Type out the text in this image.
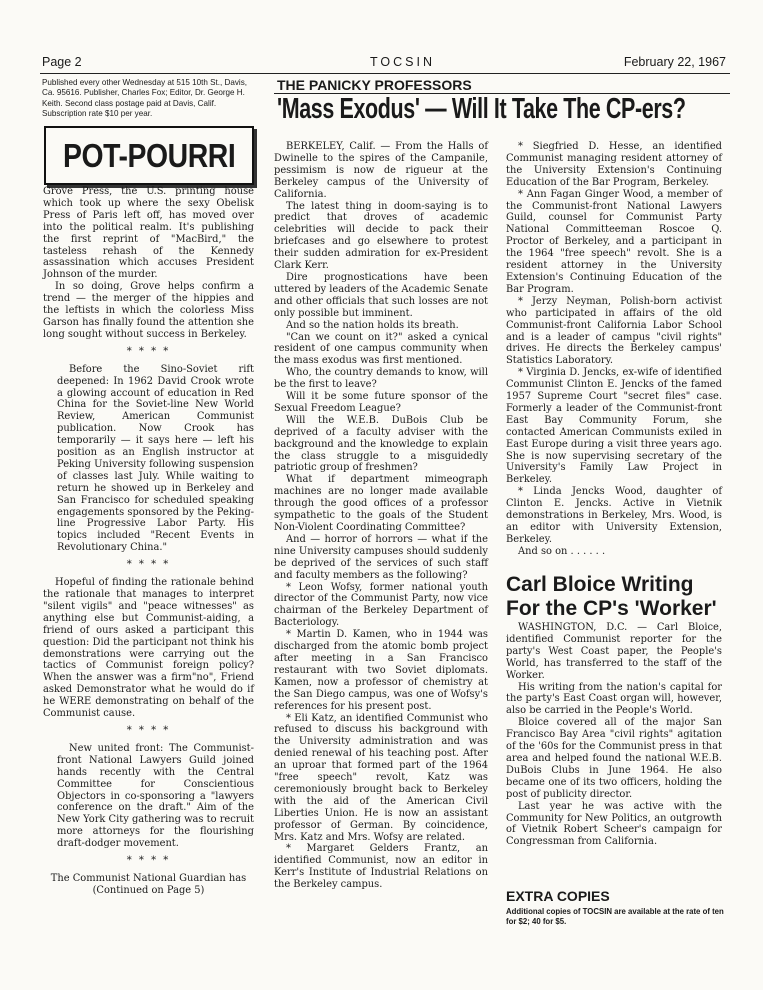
Page 2	TOCSIN	February 22, 1967
Published every other Wednesday at 515 10th St., Davis, Ca. 95616. Publisher, Charles Fox; Editor, Dr. George H. Keith. Second class postage paid at Davis, Calif. Subscription rate $10 per year.
POT-POURRI

Grove Press, the U.S. printing house which took up where the sexy Obelisk Press of Paris left off, has moved over into the political realm. It's publishing the first reprint of "MacBird," the tasteless rehash of the Kennedy assassination which accuses President Johnson of the murder.

In so doing, Grove helps confirm a trend — the merger of the hippies and the leftists in which the colorless Miss Garson has finally found the attention she long sought without success in Berkeley.

* * * *

Before the Sino-Soviet rift deepened: In 1962 David Crook wrote a glowing account of education in Red China for the Soviet-line New World Review, American Communist publication. Now Crook has temporarily — it says here — left his position as an English instructor at Peking University following suspension of classes last July. While waiting to return he showed up in Berkeley and San Francisco for scheduled speaking engagements sponsored by the Peking-line Progressive Labor Party. His topics included "Recent Events in Revolutionary China."

* * * *

Hopeful of finding the rationale behind the rationale that manages to interpret "silent vigils" and "peace witnesses" as anything else but Communist-aiding, a friend of ours asked a participant this question: Did the participant not think his demonstrations were carrying out the tactics of Communist foreign policy? When the answer was a firm"no", Friend asked Demonstrator what he would do if he WERE demonstrating on behalf of the Communist cause.

* * * *

New united front: The Communist-front National Lawyers Guild joined hands recently with the Central Committee for Conscientious Objectors in co-sponsoring a "lawyers conference on the draft." Aim of the New York City gathering was to recruit more attorneys for the flourishing draft-dodger movement.

* * * *

The Communist National Guardian has (Continued on Page 5)

THE PANICKY PROFESSORS
'Mass Exodus' — Will It Take The CP-ers?

BERKELEY, Calif. — From the Halls of Dwinelle to the spires of the Campanile, pessimism is now de rigueur at the Berkeley campus of the University of California.

The latest thing in doom-saying is to predict that droves of academic celebrities will decide to pack their briefcases and go elsewhere to protest their sudden admiration for ex-President Clark Kerr.

Dire prognostications have been uttered by leaders of the Academic Senate and other officials that such losses are not only possible but imminent.

And so the nation holds its breath.

"Can we count on it?" asked a cynical resident of one campus community when the mass exodus was first mentioned.

Who, the country demands to know, will be the first to leave?

Will it be some future sponsor of the Sexual Freedom League?

Will the W.E.B. DuBois Club be deprived of a faculty adviser with the background and the knowledge to explain the class struggle to a misguidedly patriotic group of freshmen?

What if department mimeograph machines are no longer made available through the good offices of a professor sympathetic to the goals of the Student Non-Violent Coordinating Committee?

And — horror of horrors — what if the nine University campuses should suddenly be deprived of the services of such staff and faculty members as the following?

* Leon Wofsy, former national youth director of the Communist Party, now vice chairman of the Berkeley Department of Bacteriology.

* Martin D. Kamen, who in 1944 was discharged from the atomic bomb project after meeting in a San Francisco restaurant with two Soviet diplomats. Kamen, now a professor of chemistry at the San Diego campus, was one of Wofsy's references for his present post.

* Eli Katz, an identified Communist who refused to discuss his background with the University administration and was denied renewal of his teaching post. After an uproar that formed part of the 1964 "free speech" revolt, Katz was ceremoniously brought back to Berkeley with the aid of the American Civil Liberties Union. He is now an assistant professor of German. By coincidence, Mrs. Katz and Mrs. Wofsy are related.

* Margaret Gelders Frantz, an identified Communist, now an editor in Kerr's Institute of Industrial Relations on the Berkeley campus.

* Siegfried D. Hesse, an identified Communist managing resident attorney of the University Extension's Continuing Education of the Bar Program, Berkeley.

* Ann Fagan Ginger Wood, a member of the Communist-front National Lawyers Guild, counsel for Communist Party National Committeeman Roscoe Q. Proctor of Berkeley, and a participant in the 1964 "free speech" revolt. She is a resident attorney in the University Extension's Continuing Education of the Bar Program.

* Jerzy Neyman, Polish-born activist who participated in affairs of the old Communist-front California Labor School and is a leader of campus "civil rights" drives. He directs the Berkeley campus' Statistics Laboratory.

* Virginia D. Jencks, ex-wife of identified Communist Clinton E. Jencks of the famed 1957 Supreme Court "secret files" case. Formerly a leader of the Communist-front East Bay Community Forum, she contacted American Communists exiled in East Europe during a visit three years ago. She is now supervising secretary of the University's Family Law Project in Berkeley.

* Linda Jencks Wood, daughter of Clinton E. Jencks. Active in Vietnik demonstrations in Berkeley, Mrs. Wood, is an editor with University Extension, Berkeley.

And so on . . . . . .

Carl Bloice Writing
For the CP's 'Worker'

WASHINGTON, D.C. — Carl Bloice, identified Communist reporter for the party's West Coast paper, the People's World, has transferred to the staff of the Worker.

His writing from the nation's capital for the party's East Coast organ will, however, also be carried in the People's World.

Bloice covered all of the major San Francisco Bay Area "civil rights" agitation of the '60s for the Communist press in that area and helped found the national W.E.B. DuBois Clubs in June 1964. He also became one of its two officers, holding the post of publicity director.

Last year he was active with the Community for New Politics, an outgrowth of Vietnik Robert Scheer's campaign for Congressman from California.

EXTRA COPIES
Additional copies of TOCSIN are available at the rate of ten for $2; 40 for $5.
